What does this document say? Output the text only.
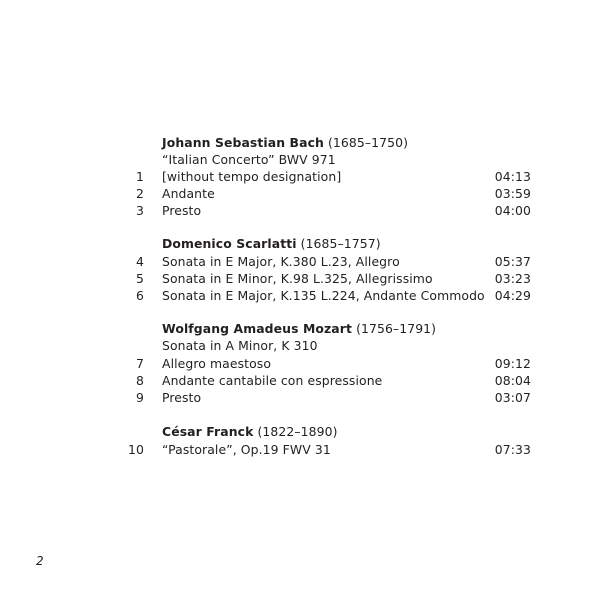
Johann Sebastian Bach (1685–1750)
“Italian Concerto” BWV 971
1 [without tempo designation]	04:13
2 Andante	03:59
3 Presto	04:00
Domenico Scarlatti (1685–1757)
4 Sonata in E Major, K.380 L.23, Allegro	05:37
5 Sonata in E Minor, K.98 L.325, Allegrissimo	03:23
6 Sonata in E Major, K.135 L.224, Andante Commodo 04:29
Wolfgang Amadeus Mozart (1756–1791)
Sonata in A Minor, K 310
7 Allegro maestoso	09:12
8 Andante cantabile con espressione	08:04
9 Presto	03:07
César Franck (1822–1890)
10 “Pastorale”, Op.19 FWV 31	07:33
2
